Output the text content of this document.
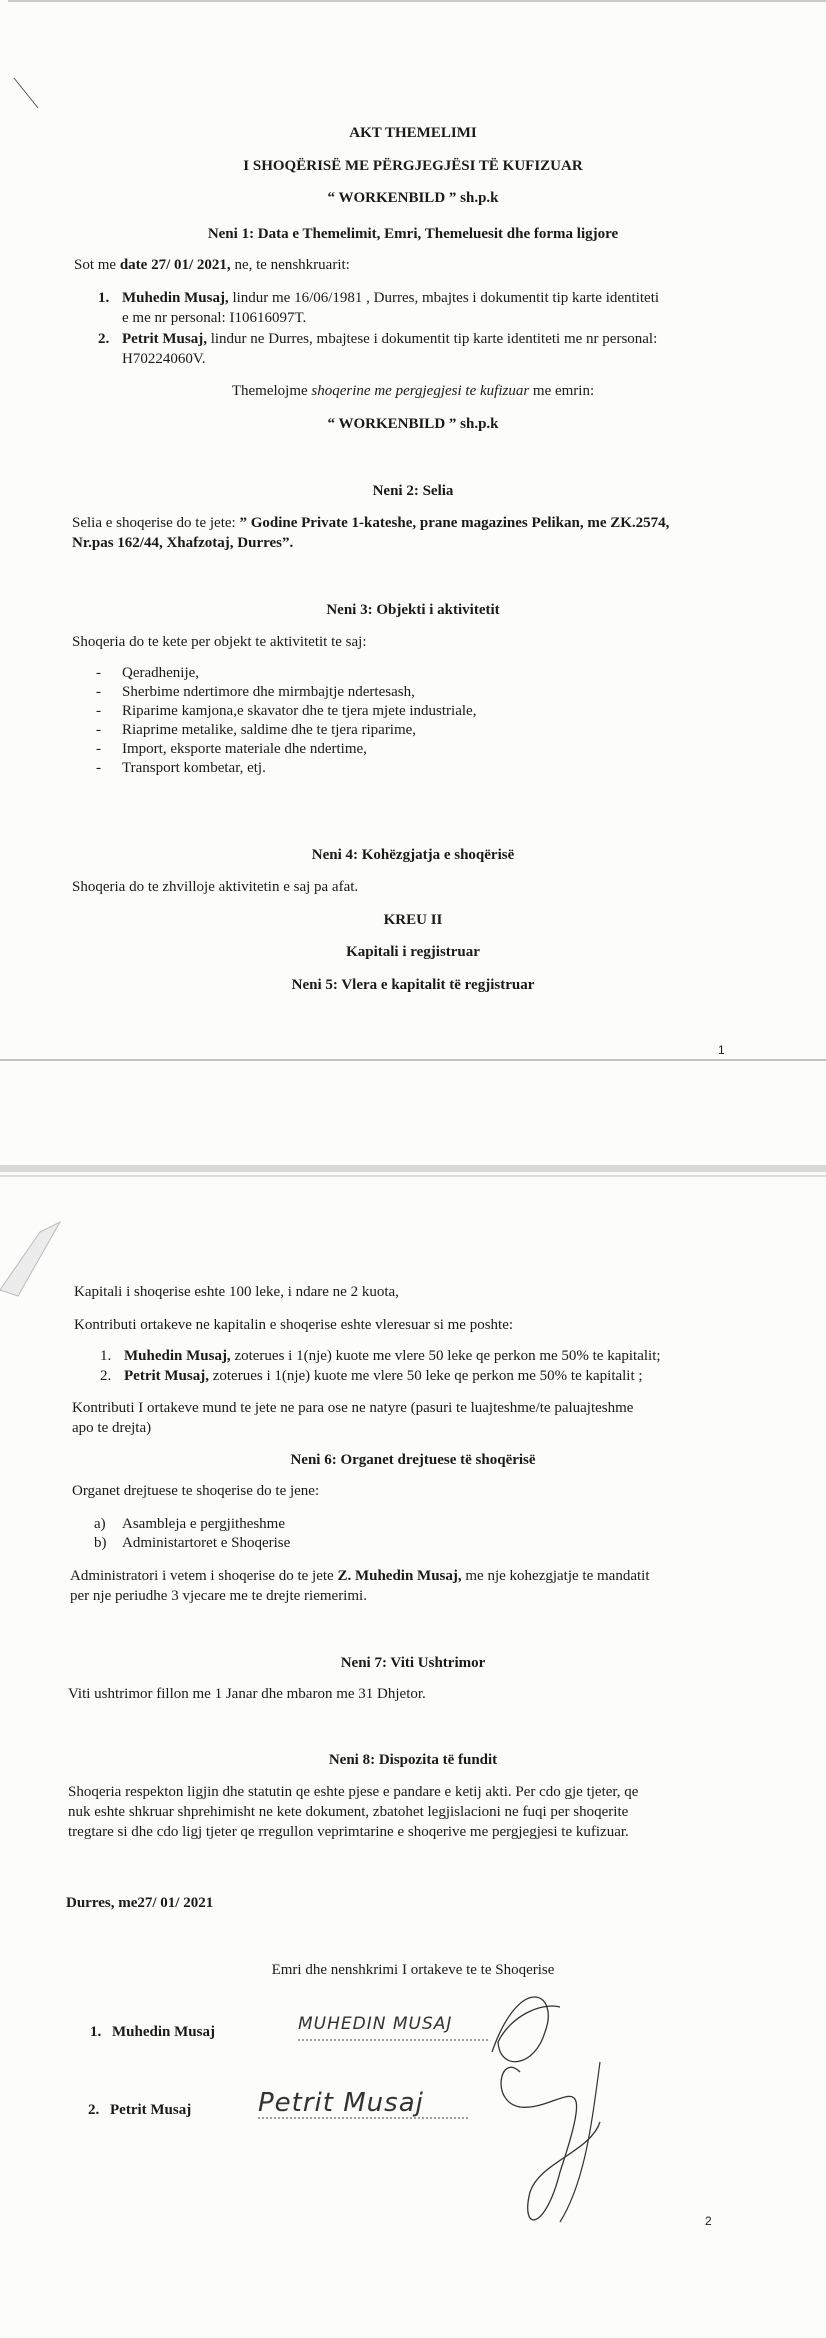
AKT THEMELIMI
I SHOQËRISË ME PËRGJEGJËSI TË KUFIZUAR
“ WORKENBILD ” sh.p.k
Neni 1: Data e Themelimit, Emri, Themeluesit dhe forma ligjore
Sot me date 27/ 01/ 2021, ne, te nenshkruarit:
1. Muhedin Musaj, lindur me 16/06/1981 , Durres, mbajtes i dokumentit tip karte identiteti
e me nr personal: I10616097T.
2. Petrit Musaj, lindur ne Durres, mbajtese i dokumentit tip karte identiteti me nr personal:
H70224060V.
Themelojme shoqerine me pergjegjesi te kufizuar me emrin:
“ WORKENBILD ” sh.p.k
Neni 2: Selia
Selia e shoqerise do te jete: ” Godine Private 1-kateshe, prane magazines Pelikan, me ZK.2574,
Nr.pas 162/44, Xhafzotaj, Durres”.
Neni 3: Objekti i aktivitetit
Shoqeria do te kete per objekt te aktivitetit te saj:
- Qeradhenije,
- Sherbime ndertimore dhe mirmbajtje ndertesash,
- Riparime kamjona,e skavator dhe te tjera mjete industriale,
- Riaprime metalike, saldime dhe te tjera riparime,
- Import, eksporte materiale dhe ndertime,
- Transport kombetar, etj.
Neni 4: Kohëzgjatja e shoqërisë
Shoqeria do te zhvilloje aktivitetin e saj pa afat.
KREU II
Kapitali i regjistruar
Neni 5: Vlera e kapitalit të regjistruar
1
Kapitali i shoqerise eshte 100 leke, i ndare ne 2 kuota,
Kontributi ortakeve ne kapitalin e shoqerise eshte vleresuar si me poshte:
1. Muhedin Musaj, zoterues i 1(nje) kuote me vlere 50 leke qe perkon me 50% te kapitalit;
2. Petrit Musaj, zoterues i 1(nje) kuote me vlere 50 leke qe perkon me 50% te kapitalit ;
Kontributi I ortakeve mund te jete ne para ose ne natyre (pasuri te luajteshme/te paluajteshme
apo te drejta)
Neni 6: Organet drejtuese të shoqërisë
Organet drejtuese te shoqerise do te jene:
a) Asambleja e pergjitheshme
b) Administartoret e Shoqerise
Administratori i vetem i shoqerise do te jete Z. Muhedin Musaj, me nje kohezgjatje te mandatit
per nje periudhe 3 vjecare me te drejte riemerimi.
Neni 7: Viti Ushtrimor
Viti ushtrimor fillon me 1 Janar dhe mbaron me 31 Dhjetor.
Neni 8: Dispozita të fundit
Shoqeria respekton ligjin dhe statutin qe eshte pjese e pandare e ketij akti. Per cdo gje tjeter, qe
nuk eshte shkruar shprehimisht ne kete dokument, zbatohet legjislacioni ne fuqi per shoqerite
tregtare si dhe cdo ligj tjeter qe rregullon veprimtarine e shoqerive me pergjegjesi te kufizuar.
Durres, me27/ 01/ 2021
Emri dhe nenshkrimi I ortakeve te te Shoqerise
1. Muhedin Musaj	MUHEDIN MUSAJ
2. Petrit Musaj	Petrit Musaj
2
